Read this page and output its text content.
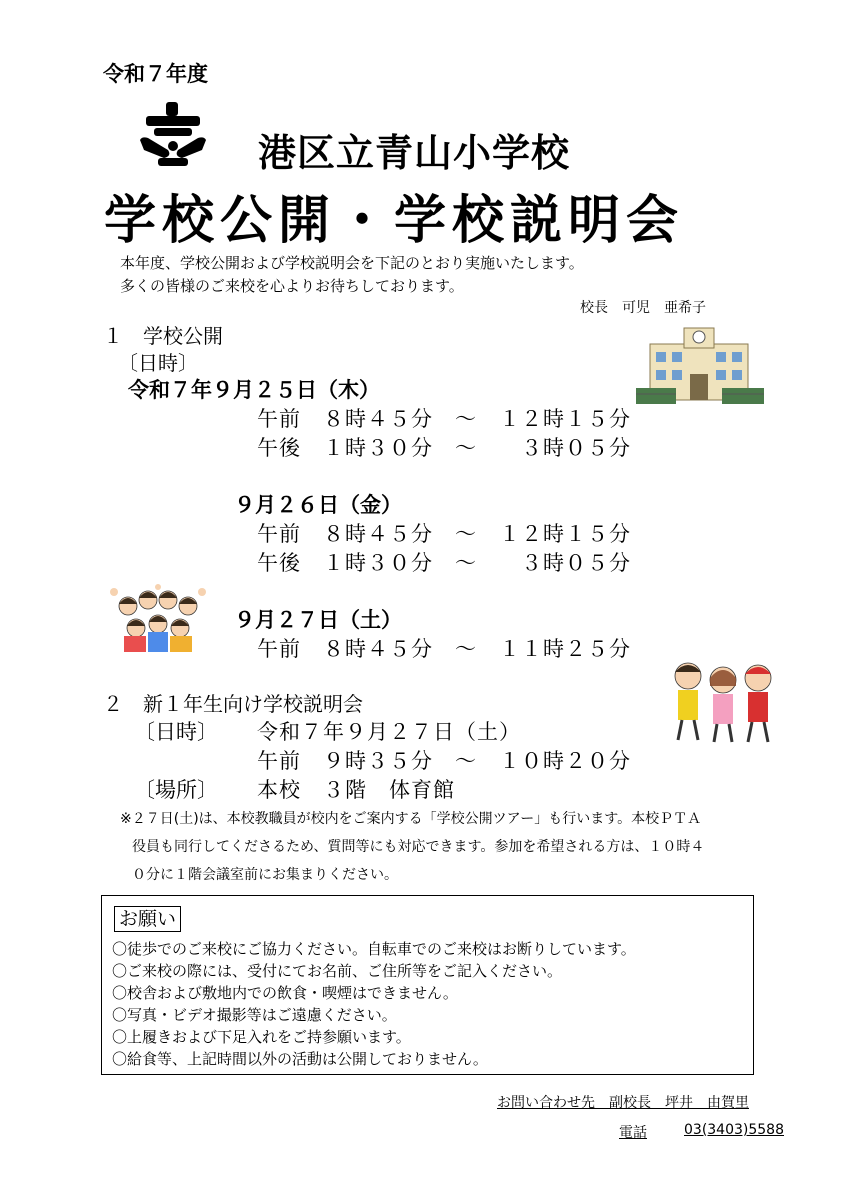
令和７年度
港区立青山小学校
学校公開・学校説明会
本年度、学校公開および学校説明会を下記のとおり実施いたします。
多くの皆様のご来校を心よりお待ちしております。
校長　可児　亜希子
１　学校公開
〔日時〕
令和７年９月２５日（木）
午前　８時４５分　～　１２時１５分
午後　１時３０分　～　　３時０５分
９月２６日（金）
午前　８時４５分　～　１２時１５分
午後　１時３０分　～　　３時０５分
９月２７日（土）
午前　８時４５分　～　１１時２５分
２　新１年生向け学校説明会
〔日時〕 令和７年９月２７日（土）
午前　９時３５分　～　１０時２０分
〔場所〕 本校　３階　体育館
※２７日(土)は、本校教職員が校内をご案内する「学校公開ツアー」も行います。本校ＰＴＡ
役員も同行してくださるため、質問等にも対応できます。参加を希望される方は、１０時４
０分に１階会議室前にお集まりください。
お願い
〇徒歩でのご来校にご協力ください。自転車でのご来校はお断りしています。
〇ご来校の際には、受付にてお名前、ご住所等をご記入ください。
〇校舎および敷地内での飲食・喫煙はできません。
〇写真・ビデオ撮影等はご遠慮ください。
〇上履きおよび下足入れをご持参願います。
〇給食等、上記時間以外の活動は公開しておりません。
お問い合わせ先　副校長　坪井　由賀里
電話	03(3403)5588
